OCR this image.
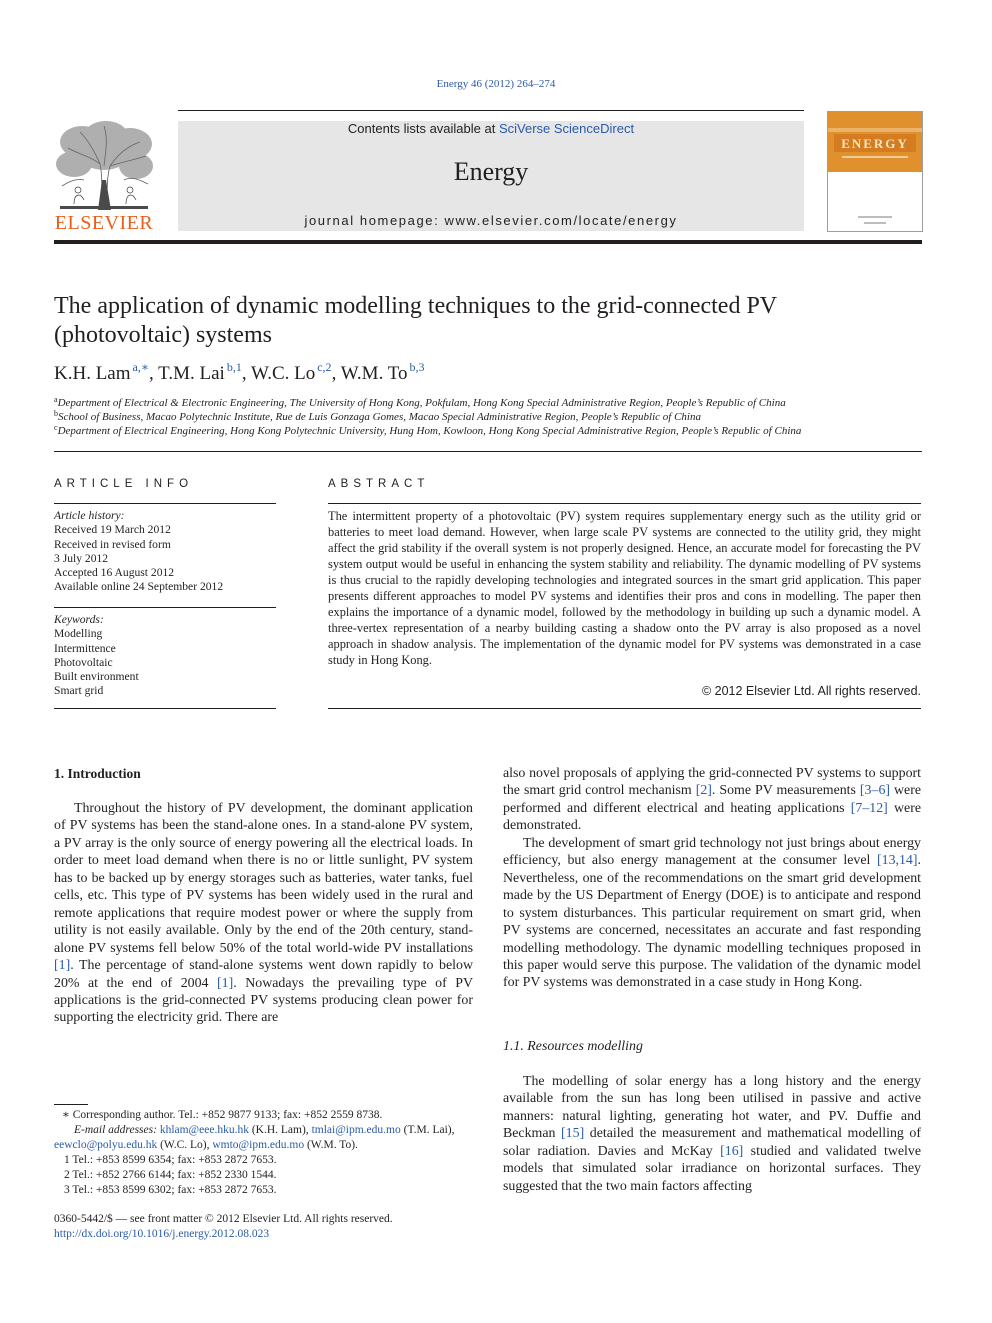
Energy 46 (2012) 264–274
ELSEVIER
Contents lists available at SciVerse ScienceDirect
Energy
journal homepage: www.elsevier.com/locate/energy
ENERGY
The application of dynamic modelling techniques to the grid-connected PV (photovoltaic) systems
K.H. Lam $^{a,∗}$, T.M. Lai $^{b,1}$, W.C. Lo $^{c,2}$, W.M. To $^{b,3}$
$^a$Department of Electrical & Electronic Engineering, The University of Hong Kong, Pokfulam, Hong Kong Special Administrative Region, People’s Republic of China
$^b$School of Business, Macao Polytechnic Institute, Rue de Luis Gonzaga Gomes, Macao Special Administrative Region, People’s Republic of China
$^c$Department of Electrical Engineering, Hong Kong Polytechnic University, Hung Hom, Kowloon, Hong Kong Special Administrative Region, People’s Republic of China
ARTICLE INFO
Article history:
Received 19 March 2012
Received in revised form
3 July 2012
Accepted 16 August 2012
Available online 24 September 2012
Keywords:
Modelling
Intermittence
Photovoltaic
Built environment
Smart grid
ABSTRACT
The intermittent property of a photovoltaic (PV) system requires supplementary energy such as the utility grid or batteries to meet load demand. However, when large scale PV systems are connected to the utility grid, they might affect the grid stability if the overall system is not properly designed. Hence, an accurate model for forecasting the PV system output would be useful in enhancing the system stability and reliability. The dynamic modelling of PV systems is thus crucial to the rapidly developing technologies and integrated sources in the smart grid application. This paper presents different approaches to model PV systems and identifies their pros and cons in modelling. The paper then explains the importance of a dynamic model, followed by the methodology in building up such a dynamic model. A three-vertex representation of a nearby building casting a shadow onto the PV array is also proposed as a novel approach in shadow analysis. The implementation of the dynamic model for PV systems was demonstrated in a case study in Hong Kong.
© 2012 Elsevier Ltd. All rights reserved.
1. Introduction

Throughout the history of PV development, the dominant application of PV systems has been the stand-alone ones. In a stand-alone PV system, a PV array is the only source of energy powering all the electrical loads. In order to meet load demand when there is no or little sunlight, PV system has to be backed up by energy storages such as batteries, water tanks, fuel cells, etc. This type of PV systems has been widely used in the rural and remote applications that require modest power or where the supply from utility is not easily available. Only by the end of the 20th century, stand-alone PV systems fell below 50% of the total world-wide PV installations [1]. The percentage of stand-alone systems went down rapidly to below 20% at the end of 2004 [1]. Nowadays the prevailing type of PV applications is the grid-connected PV systems producing clean power for supporting the electricity grid. There are

also novel proposals of applying the grid-connected PV systems to support the smart grid control mechanism [2]. Some PV measurements [3–6] were performed and different electrical and heating applications [7–12] were demonstrated.

The development of smart grid technology not just brings about energy efficiency, but also energy management at the consumer level [13,14]. Nevertheless, one of the recommendations on the smart grid development made by the US Department of Energy (DOE) is to anticipate and respond to system disturbances. This particular requirement on smart grid, when PV systems are concerned, necessitates an accurate and fast responding modelling methodology. The dynamic modelling techniques proposed in this paper would serve this purpose. The validation of the dynamic model for PV systems was demonstrated in a case study in Hong Kong.

1.1. Resources modelling

The modelling of solar energy has a long history and the energy available from the sun has long been utilised in passive and active manners: natural lighting, generating hot water, and PV. Duffie and Beckman [15] detailed the measurement and mathematical modelling of solar radiation. Davies and McKay [16] studied and validated twelve models that simulated solar irradiance on horizontal surfaces. They suggested that the two main factors affecting

∗ Corresponding author. Tel.: +852 9877 9133; fax: +852 2559 8738.
E-mail addresses: khlam@eee.hku.hk (K.H. Lam), tmlai@ipm.edu.mo (T.M. Lai),
eewclo@polyu.edu.hk (W.C. Lo), wmto@ipm.edu.mo (W.M. To).
1 Tel.: +853 8599 6354; fax: +853 2872 7653.
2 Tel.: +852 2766 6144; fax: +852 2330 1544.
3 Tel.: +853 8599 6302; fax: +853 2872 7653.
0360-5442/$ — see front matter © 2012 Elsevier Ltd. All rights reserved.
http://dx.doi.org/10.1016/j.energy.2012.08.023
